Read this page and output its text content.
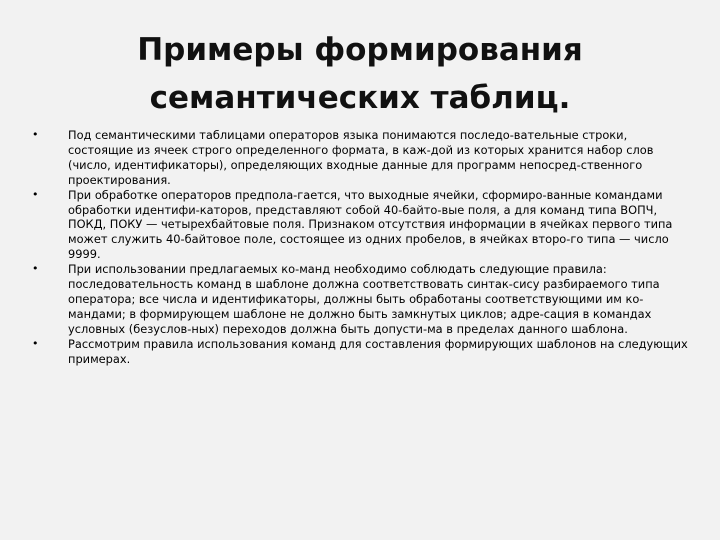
Примеры формирования
семантических таблиц.
•	Под семантическими таблицами операторов языка понимаются последо-вательные строки, состоящие из ячеек строго определенного формата, в каж-дой из которых хранится набор слов (число, идентификаторы), определяющих входные данные для программ непосред-ственного проектирования.
•	При обработке операторов предпола-гается, что выходные ячейки, сформиро-ванные командами обработки идентифи-каторов, представляют собой 40-байто-вые поля, а для команд типа ВОПЧ, ПОКД, ПОКУ — четырехбайтовые поля. Признаком отсутствия информации в ячейках первого типа может служить 40-байтовое поле, состоящее из одних пробелов, в ячейках второ-го типа — число 9999.
•	При использовании предлагаемых ко-манд необходимо соблюдать следующие правила: последовательность команд в шаблоне должна соответствовать синтак-сису разбираемого типа оператора; все числа и идентификаторы, должны быть обработаны соответствующими им ко-мандами; в формирующем шаблоне не должно быть замкнутых циклов; адре-сация в командах условных (безуслов-ных) переходов должна быть допусти-ма в пределах данного шаблона.
•	Рассмотрим правила использования команд для составления формирующих шаблонов на следующих примерах.
